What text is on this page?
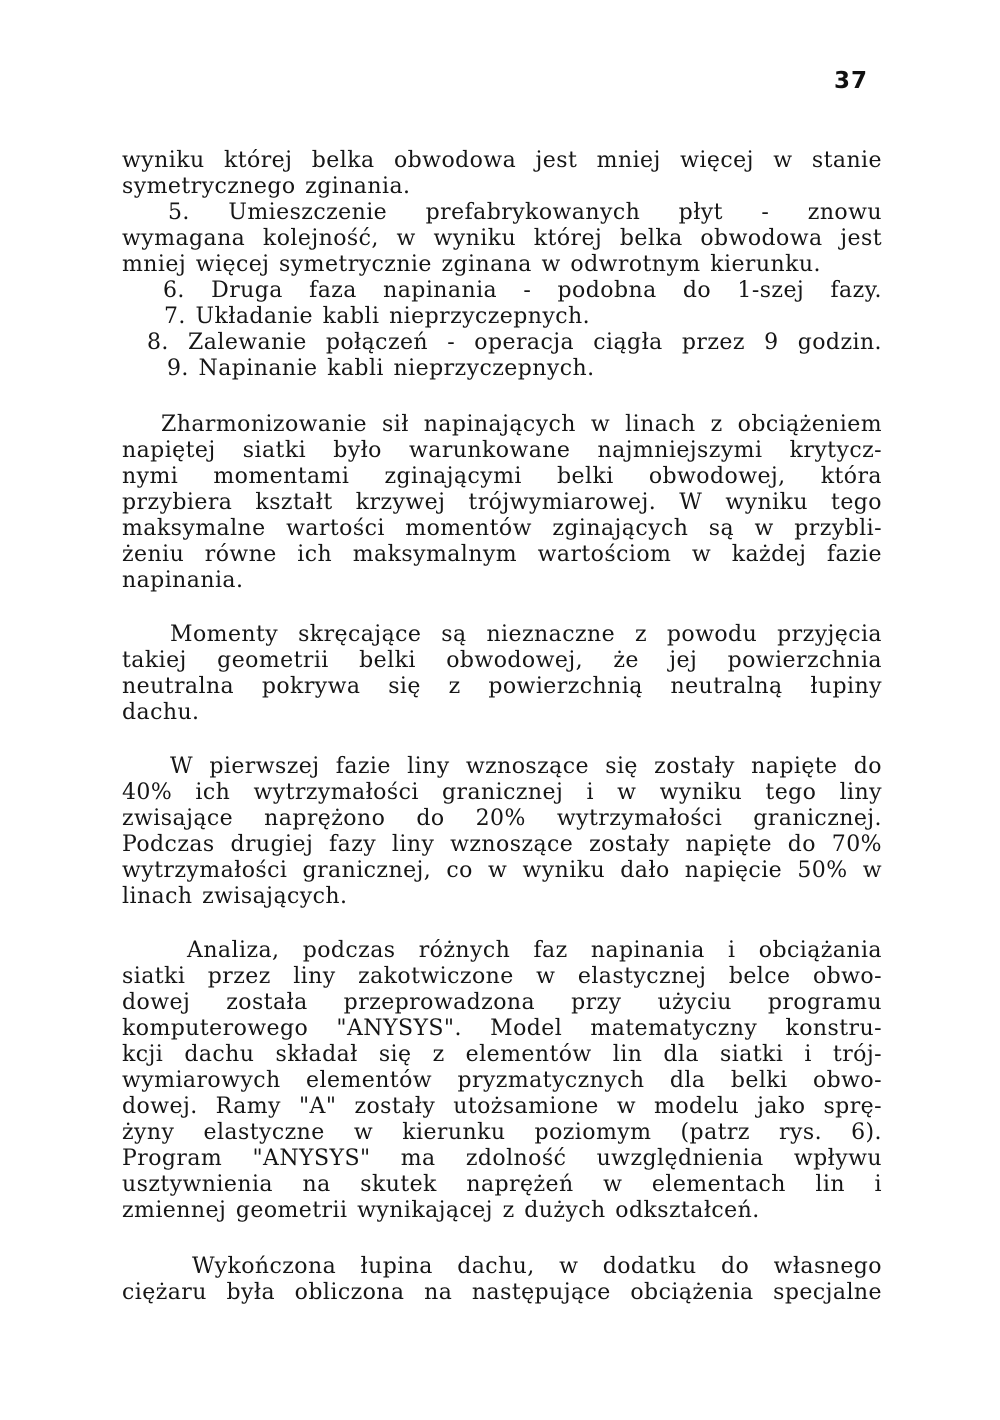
37
wyniku której belka obwodowa jest mniej więcej w stanie
symetrycznego zginania.
5. Umieszczenie prefabrykowanych płyt - znowu
wymagana kolejność, w wyniku której belka obwodowa jest
mniej więcej symetrycznie zginana w odwrotnym kierunku.
6. Druga faza napinania - podobna do 1-szej fazy.
7. Układanie kabli nieprzyczepnych.
8. Zalewanie połączeń - operacja ciągła przez 9 godzin.
9. Napinanie kabli nieprzyczepnych.
Zharmonizowanie sił napinających w linach z obciążeniem
napiętej siatki było warunkowane najmniejszymi krytycz-
nymi momentami zginającymi belki obwodowej, która
przybiera kształt krzywej trójwymiarowej. W wyniku tego
maksymalne wartości momentów zginających są w przybli-
żeniu równe ich maksymalnym wartościom w każdej fazie
napinania.
Momenty skręcające są nieznaczne z powodu przyjęcia
takiej geometrii belki obwodowej, że jej powierzchnia
neutralna pokrywa się z powierzchnią neutralną łupiny
dachu.
W pierwszej fazie liny wznoszące się zostały napięte do
40% ich wytrzymałości granicznej i w wyniku tego liny
zwisające naprężono do 20% wytrzymałości granicznej.
Podczas drugiej fazy liny wznoszące zostały napięte do 70%
wytrzymałości granicznej, co w wyniku dało napięcie 50% w
linach zwisających.
Analiza, podczas różnych faz napinania i obciążania
siatki przez liny zakotwiczone w elastycznej belce obwo-
dowej została przeprowadzona przy użyciu programu
komputerowego "ANYSYS". Model matematyczny konstru-
kcji dachu składał się z elementów lin dla siatki i trój-
wymiarowych elementów pryzmatycznych dla belki obwo-
dowej. Ramy "A" zostały utożsamione w modelu jako sprę-
żyny elastyczne w kierunku poziomym (patrz rys. 6).
Program "ANYSYS" ma zdolność uwzględnienia wpływu
usztywnienia na skutek naprężeń w elementach lin i
zmiennej geometrii wynikającej z dużych odkształceń.
Wykończona łupina dachu, w dodatku do własnego
ciężaru była obliczona na następujące obciążenia specjalne
